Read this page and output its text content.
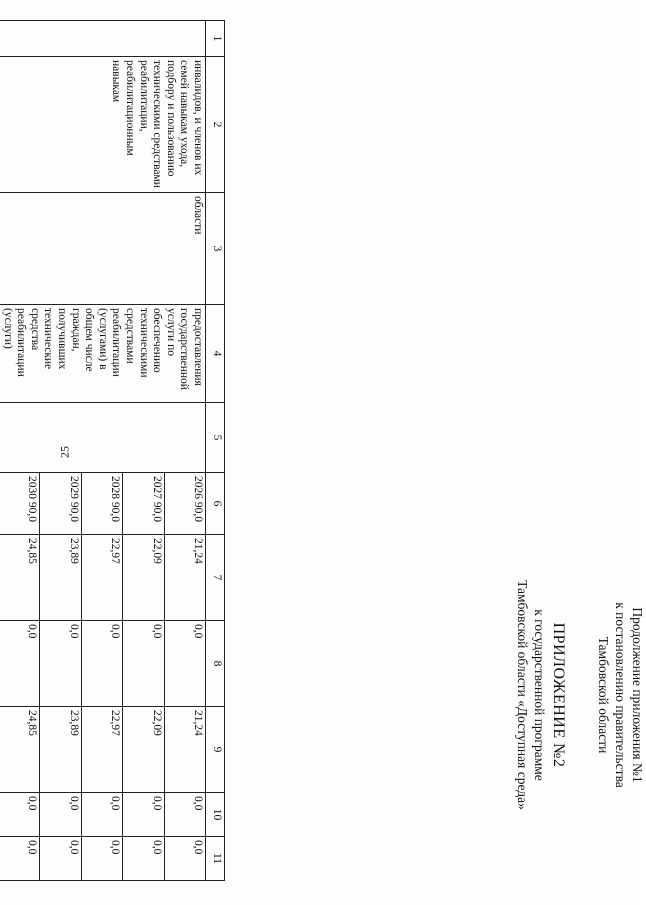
25
Продолжение приложения №1
к постановлению правительства
Тамбовской области
ПРИЛОЖЕНИЕ №2
к государственной программе
Тамбовской области «Доступная среда»
1	2	3	4	5	6	7	8	9	10	11
	инвалидов, и членов их семей навыкам ухода, подбору и пользованию техническими средствами реабилитации, реабилитационным навыкам	области	предоставления государственной услуги по обеспечению техническими средствами реабилитации (услугами) в общем числе граждан, получивших технические средства реабилитации (услуги)		2026 90,0	21,24	0,0	21,24	0,0	0,0
					2027 90,0	22,09	0,0	22,09	0,0	0,0
					2028 90,0	22,97	0,0	22,97	0,0	0,0
					2029 90,0	23,89	0,0	23,89	0,0	0,0
					2030 90,0	24,85	0,0	24,85	0,0	0,0
